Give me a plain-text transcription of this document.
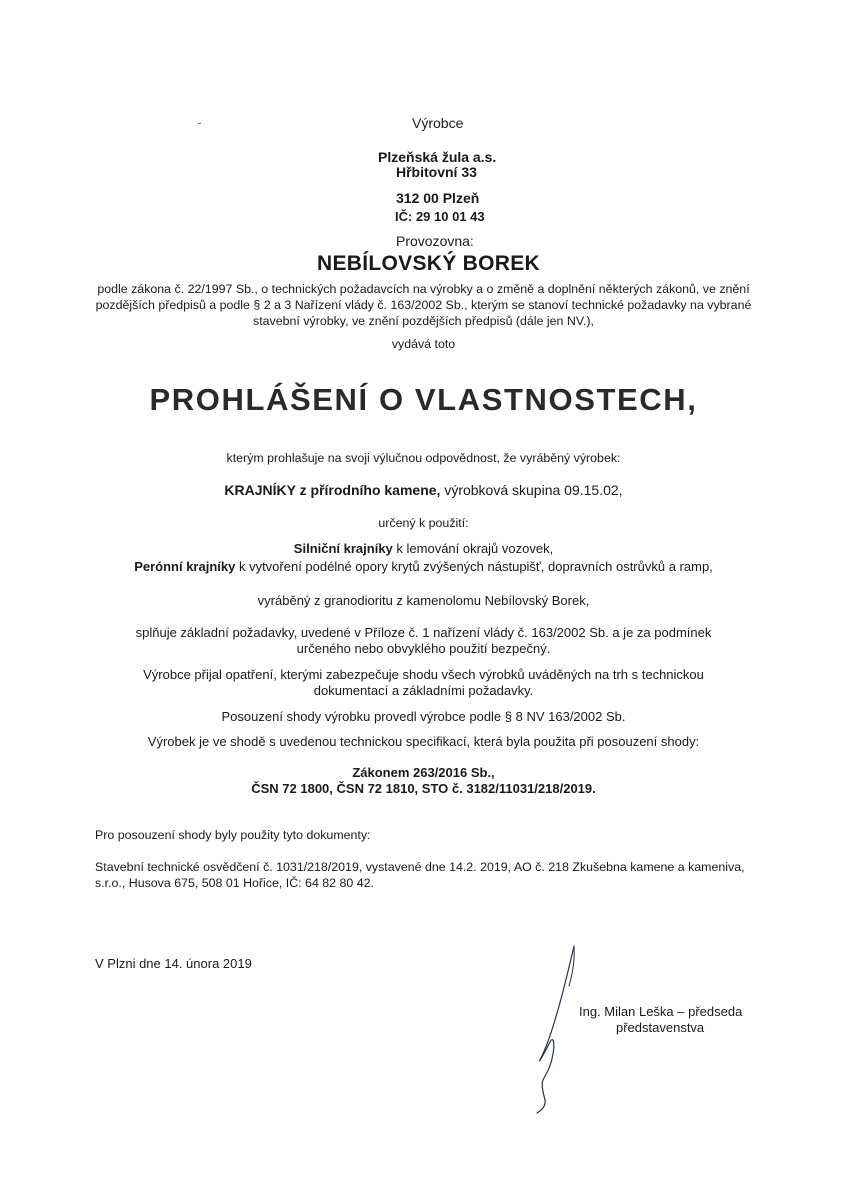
Výrobce
Plzeňská žula a.s.
Hřbitovní 33
312 00 Plzeň
IČ: 29 10 01 43
Provozovna:
NEBÍLOVSKÝ BOREK
podle zákona č. 22/1997 Sb., o technických požadavcích na výrobky a o změně a doplnění některých zákonů, ve znění
pozdějších předpisů a podle § 2 a 3 Nařízení vlády č. 163/2002 Sb., kterým se stanoví technické požadavky na vybrané
stavební výrobky, ve znění pozdějších předpisů (dále jen NV.),
vydává toto
PROHLÁŠENÍ O VLASTNOSTECH,
kterým prohlašuje na svoji výlučnou odpovědnost, že vyráběný výrobek:
KRAJNÍKY z přírodního kamene, výrobková skupina 09.15.02,
určený k použití:
Silniční krajníky k lemování okrajů vozovek,
Perónní krajníky k vytvoření podélné opory krytů zvýšených nástupišť, dopravních ostrůvků a ramp,
vyráběný z granodioritu z kamenolomu Nebílovský Borek,
splňuje základní požadavky, uvedené v Příloze č. 1 nařízení vlády č. 163/2002 Sb. a je za podmínek
určeného nebo obvyklého použití bezpečný.
Výrobce přijal opatření, kterými zabezpečuje shodu všech výrobků uváděných na trh s technickou
dokumentací a základními požadavky.
Posouzení shody výrobku provedl výrobce podle § 8 NV 163/2002 Sb.
Výrobek je ve shodě s uvedenou technickou specifikací, která byla použita při posouzení shody:
Zákonem 263/2016 Sb.,
ČSN 72 1800, ČSN 72 1810, STO č. 3182/11031/218/2019.
Pro posouzení shody byly použity tyto dokumenty:
Stavební technické osvědčení č. 1031/218/2019, vystavené dne 14.2. 2019, AO č. 218 Zkušebna kamene a kameniva,
s.r.o., Husova 675, 508 01 Hořice, IČ: 64 82 80 42.
V Plzni dne 14. února 2019
Ing. Milan Leška – předseda
představenstva
